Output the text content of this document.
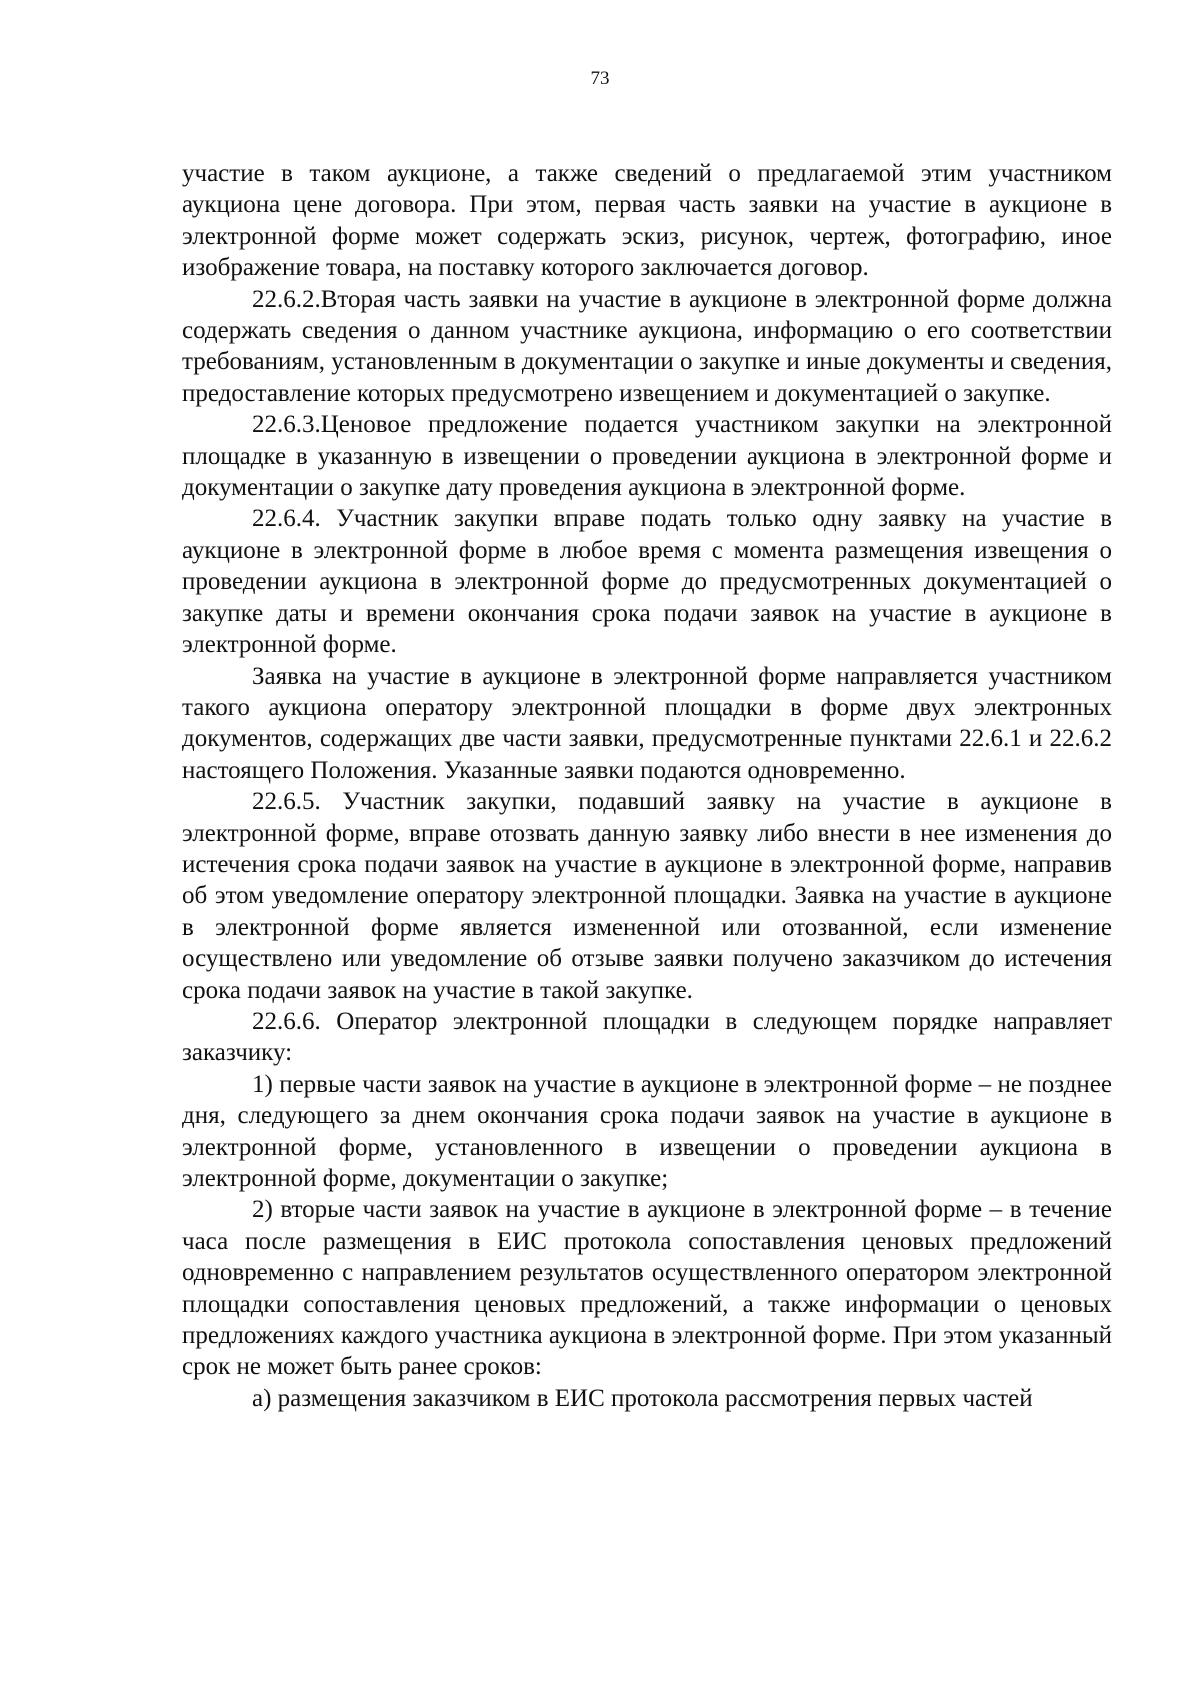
73

участие в таком аукционе, а также сведений о предлагаемой этим участником аукциона цене договора. При этом, первая часть заявки на участие в аукционе в электронной форме может содержать эскиз, рисунок, чертеж, фотографию, иное изображение товара, на поставку которого заключается договор.

22.6.2.Вторая часть заявки на участие в аукционе в электронной форме должна содержать сведения о данном участнике аукциона, информацию о его соответствии требованиям, установленным в документации о закупке и иные документы и сведения, предоставление которых предусмотрено извещением и документацией о закупке.

22.6.3.Ценовое предложение подается участником закупки на электронной площадке в указанную в извещении о проведении аукциона в электронной форме и документации о закупке дату проведения аукциона в электронной форме.

22.6.4. Участник закупки вправе подать только одну заявку на участие в аукционе в электронной форме в любое время с момента размещения извещения о проведении аукциона в электронной форме до предусмотренных документацией о закупке даты и времени окончания срока подачи заявок на участие в аукционе в электронной форме.

Заявка на участие в аукционе в электронной форме направляется участником такого аукциона оператору электронной площадки в форме двух электронных документов, содержащих две части заявки, предусмотренные пунктами 22.6.1 и 22.6.2 настоящего Положения. Указанные заявки подаются одновременно.

22.6.5. Участник закупки, подавший заявку на участие в аукционе в электронной форме, вправе отозвать данную заявку либо внести в нее изменения до истечения срока подачи заявок на участие в аукционе в электронной форме, направив об этом уведомление оператору электронной площадки. Заявка на участие в аукционе в электронной форме является измененной или отозванной, если изменение осуществлено или уведомление об отзыве заявки получено заказчиком до истечения срока подачи заявок на участие в такой закупке.

22.6.6. Оператор электронной площадки в следующем порядке направляет заказчику:

1) первые части заявок на участие в аукционе в электронной форме – не позднее дня, следующего за днем окончания срока подачи заявок на участие в аукционе в электронной форме, установленного в извещении о проведении аукциона в электронной форме, документации о закупке;

2) вторые части заявок на участие в аукционе в электронной форме – в течение часа после размещения в ЕИС протокола сопоставления ценовых предложений одновременно с направлением результатов осуществленного оператором электронной площадки сопоставления ценовых предложений, а также информации о ценовых предложениях каждого участника аукциона в электронной форме. При этом указанный срок не может быть ранее сроков:

а) размещения заказчиком в ЕИС протокола рассмотрения первых частей
